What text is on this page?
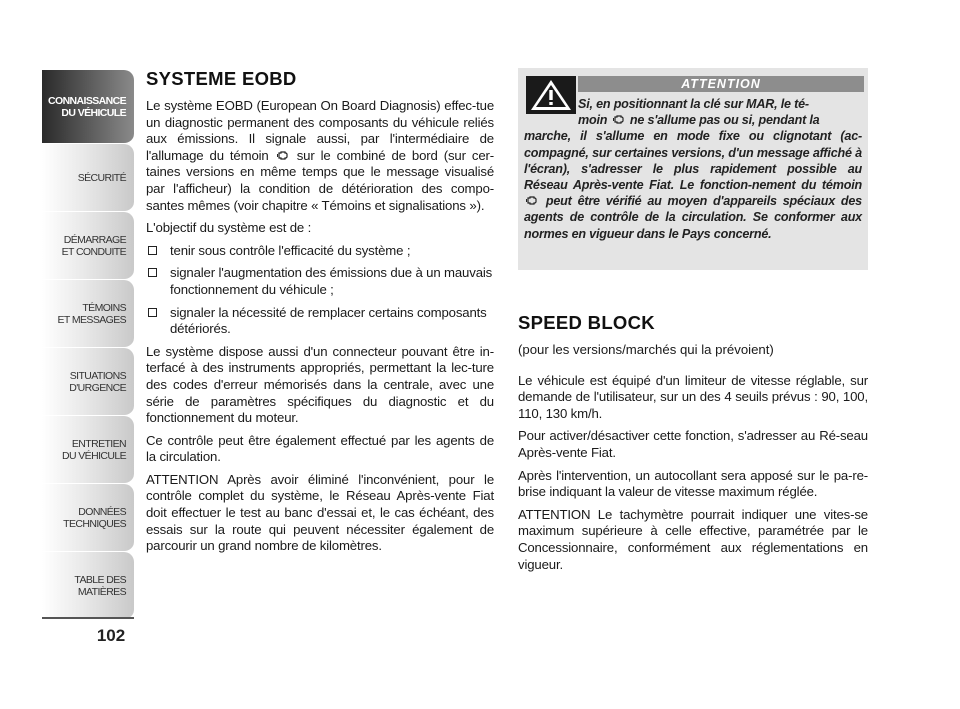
CONNAISSANCE
DU VÉHICULE
SÉCURITÉ
DÉMARRAGE
ET CONDUITE
TÉMOINS
ET MESSAGES
SITUATIONS
D'URGENCE
ENTRETIEN
DU VÉHICULE
DONNÉES
TECHNIQUES
TABLE DES
MATIÈRES
102
SYSTEME EOBD

Le système EOBD (European On Board Diagnosis) effec-tue un diagnostic permanent des composants du véhicule reliés aux émissions. Il signale aussi, par l'intermédiaire de l'allumage du témoin sur le combiné de bord (sur cer-taines versions en même temps que le message visualisé par l'afficheur) la condition de détérioration des compo-santes mêmes (voir chapitre « Témoins et signalisations »).

L'objectif du système est de :

tenir sous contrôle l'efficacité du système ;
signaler l'augmentation des émissions due à un mauvais fonctionnement du véhicule ;
signaler la nécessité de remplacer certains composants détériorés.

Le système dispose aussi d'un connecteur pouvant être in-terfacé à des instruments appropriés, permettant la lec-ture des codes d'erreur mémorisés dans la centrale, avec une série de paramètres spécifiques du diagnostic et du fonctionnement du moteur.

Ce contrôle peut être également effectué par les agents de la circulation.

ATTENTION Après avoir éliminé l'inconvénient, pour le contrôle complet du système, le Réseau Après-vente Fiat doit effectuer le test au banc d'essai et, le cas échéant, des essais sur la route qui peuvent nécessiter également de parcourir un grand nombre de kilomètres.

ATTENTION
Si, en positionnant la clé sur MAR, le té-
moin ne s'allume pas ou si, pendant la
marche, il s'allume en mode fixe ou clignotant (ac-compagné, sur certaines versions, d'un message affiché à l'écran), s'adresser le plus rapidement possible au Réseau Après-vente Fiat. Le fonction-nement du témoin  peut être vérifié au moyen d'appareils spéciaux des agents de contrôle de la circulation. Se conformer aux normes en vigueur dans le Pays concerné.
SPEED BLOCK
(pour les versions/marchés qui la prévoient)

Le véhicule est équipé d'un limiteur de vitesse réglable, sur demande de l'utilisateur, sur un des 4 seuils prévus : 90, 100, 110, 130 km/h.

Pour activer/désactiver cette fonction, s'adresser au Ré-seau Après-vente Fiat.

Après l'intervention, un autocollant sera apposé sur le pa-re-brise indiquant la valeur de vitesse maximum réglée.

ATTENTION Le tachymètre pourrait indiquer une vites-se maximum supérieure à celle effective, paramétrée par le Concessionnaire, conformément aux réglementations en vigueur.
